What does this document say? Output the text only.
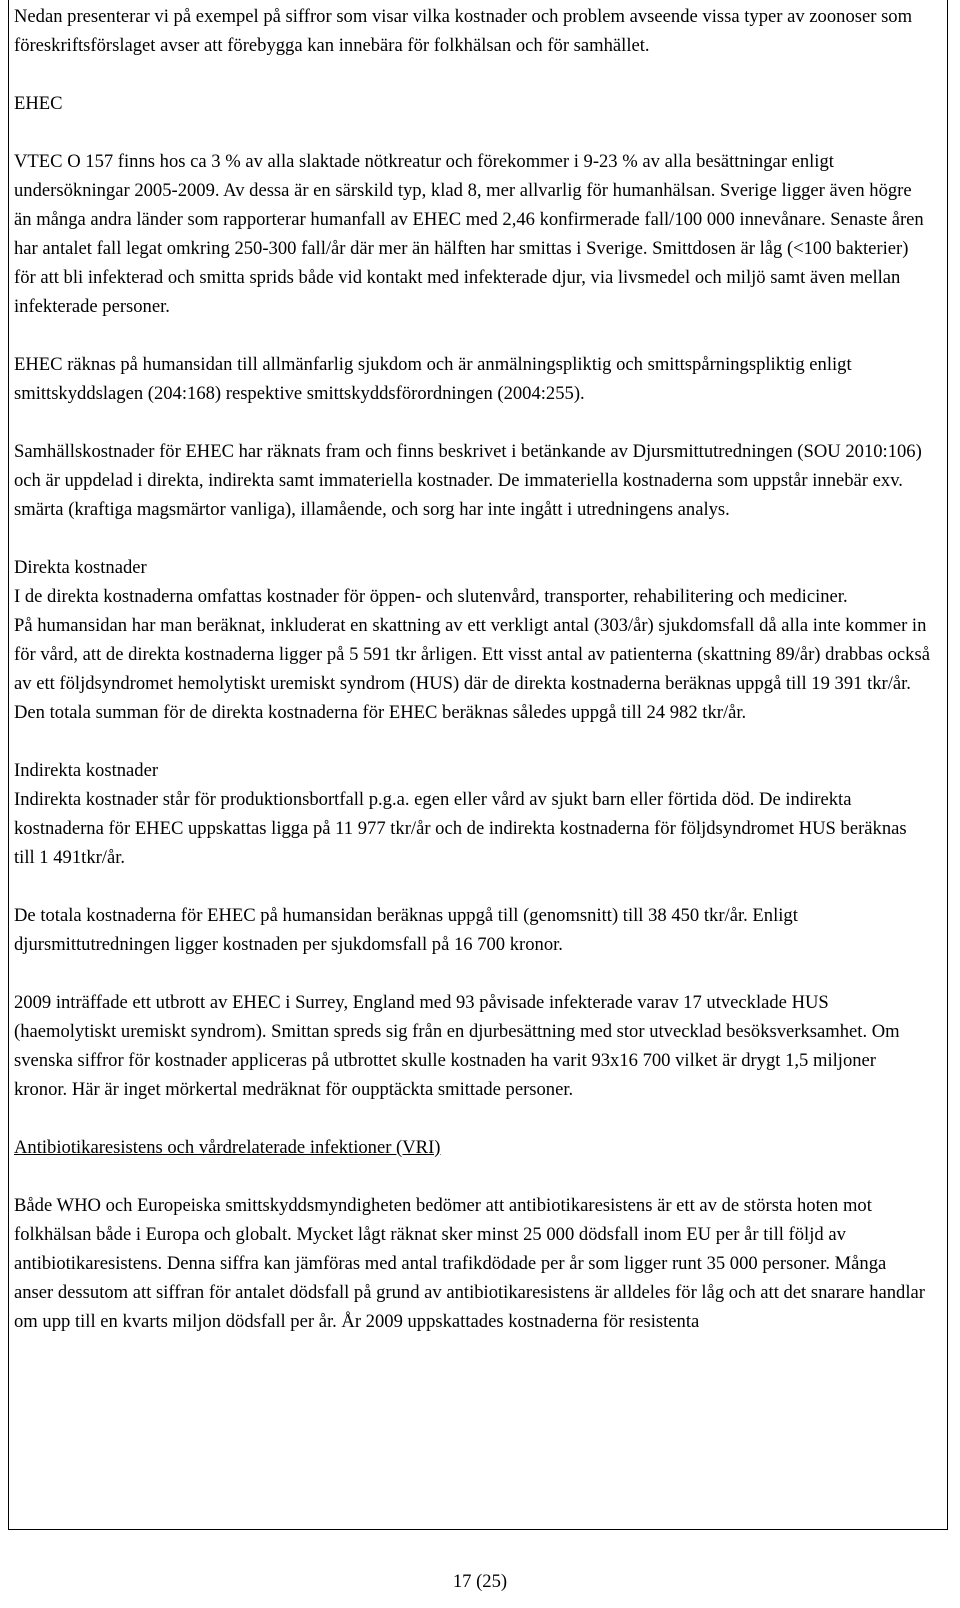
Nedan presenterar vi på exempel på siffror som visar vilka kostnader och problem avseende vissa typer av zoonoser som föreskriftsförslaget avser att förebygga kan innebära för folkhälsan och för samhället.

EHEC

VTEC O 157 finns hos ca 3 % av alla slaktade nötkreatur och förekommer i 9-23 % av alla besättningar enligt undersökningar 2005-2009. Av dessa är en särskild typ, klad 8, mer allvarlig för humanhälsan. Sverige ligger även högre än många andra länder som rapporterar humanfall av EHEC med 2,46 konfirmerade fall/100 000 innevånare. Senaste åren har antalet fall legat omkring 250-300 fall/år där mer än hälften har smittas i Sverige. Smittdosen är låg (<100 bakterier) för att bli infekterad och smitta sprids både vid kontakt med infekterade djur, via livsmedel och miljö samt även mellan infekterade personer.

EHEC räknas på humansidan till allmänfarlig sjukdom och är anmälningspliktig och smittspårningspliktig enligt smittskyddslagen (204:168) respektive smittskyddsförordningen (2004:255).

Samhällskostnader för EHEC har räknats fram och finns beskrivet i betänkande av Djursmittutredningen (SOU 2010:106) och är uppdelad i direkta, indirekta samt immateriella kostnader. De immateriella kostnaderna som uppstår innebär exv. smärta (kraftiga magsmärtor vanliga), illamående, och sorg har inte ingått i utredningens analys.

Direkta kostnader

I de direkta kostnaderna omfattas kostnader för öppen- och slutenvård, transporter, rehabilitering och mediciner.

På humansidan har man beräknat, inkluderat en skattning av ett verkligt antal (303/år) sjukdomsfall då alla inte kommer in för vård, att de direkta kostnaderna ligger på 5 591 tkr årligen. Ett visst antal av patienterna (skattning 89/år) drabbas också av ett följdsyndromet hemolytiskt uremiskt syndrom (HUS) där de direkta kostnaderna beräknas uppgå till 19 391 tkr/år. Den totala summan för de direkta kostnaderna för EHEC beräknas således uppgå till 24 982 tkr/år.

Indirekta kostnader

Indirekta kostnader står för produktionsbortfall p.g.a. egen eller vård av sjukt barn eller förtida död. De indirekta kostnaderna för EHEC uppskattas ligga på 11 977 tkr/år och de indirekta kostnaderna för följdsyndromet HUS beräknas till 1 491tkr/år.

De totala kostnaderna för EHEC på humansidan beräknas uppgå till (genomsnitt) till 38 450 tkr/år. Enligt djursmittutredningen ligger kostnaden per sjukdomsfall på 16 700 kronor.

2009 inträffade ett utbrott av EHEC i Surrey, England med 93 påvisade infekterade varav 17 utvecklade HUS (haemolytiskt uremiskt syndrom). Smittan spreds sig från en djurbesättning med stor utvecklad besöksverksamhet. Om svenska siffror för kostnader appliceras på utbrottet skulle kostnaden ha varit 93x16 700 vilket är drygt 1,5 miljoner kronor. Här är inget mörkertal medräknat för oupptäckta smittade personer.

Antibiotikaresistens och vårdrelaterade infektioner (VRI)

Både WHO och Europeiska smittskyddsmyndigheten bedömer att antibiotikaresistens är ett av de största hoten mot folkhälsan både i Europa och globalt. Mycket lågt räknat sker minst 25 000 dödsfall inom EU per år till följd av antibiotikaresistens. Denna siffra kan jämföras med antal trafikdödade per år som ligger runt 35 000 personer. Många anser dessutom att siffran för antalet dödsfall på grund av antibiotikaresistens är alldeles för låg och att det snarare handlar om upp till en kvarts miljon dödsfall per år. År 2009 uppskattades kostnaderna för resistenta

17 (25)
